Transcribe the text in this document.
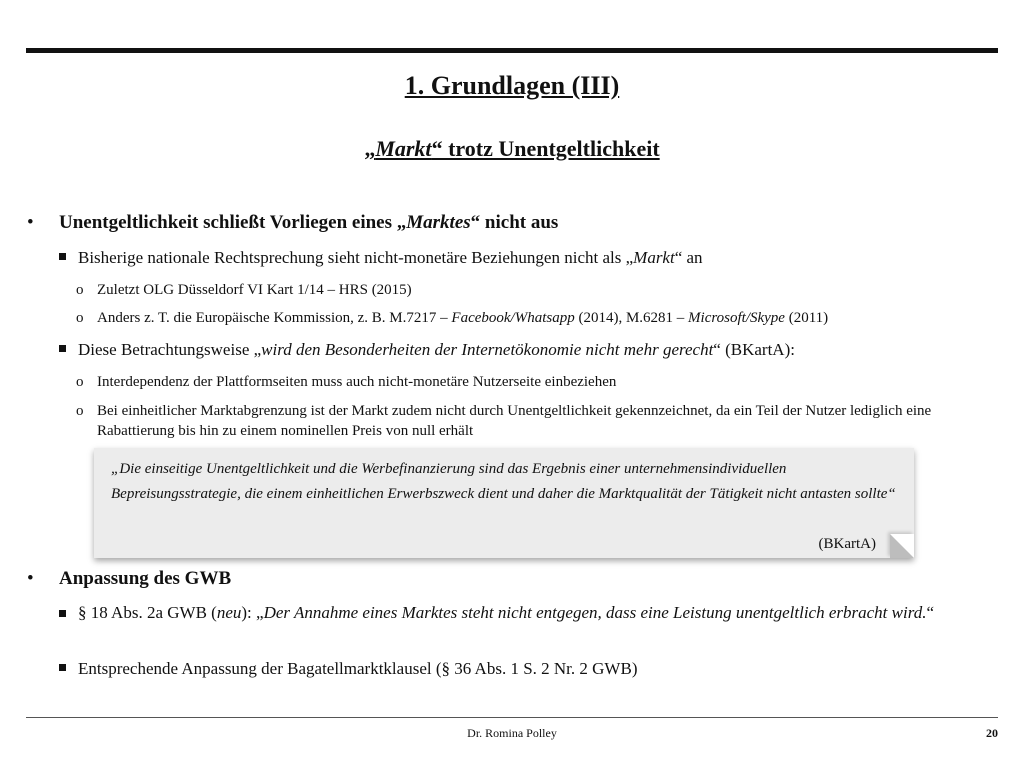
1. Grundlagen (III)
„Markt“ trotz Unentgeltlichkeit
• Unentgeltlichkeit schließt Vorliegen eines „Marktes“ nicht aus
Bisherige nationale Rechtsprechung sieht nicht-monetäre Beziehungen nicht als „Markt“ an
o Zuletzt OLG Düsseldorf VI Kart 1/14 – HRS (2015)
o Anders z. T. die Europäische Kommission, z. B. M.7217 – Facebook/Whatsapp (2014), M.6281 – Microsoft/Skype (2011)
Diese Betrachtungsweise „wird den Besonderheiten der Internetökonomie nicht mehr gerecht“ (BKartA):
o Interdependenz der Plattformseiten muss auch nicht-monetäre Nutzerseite einbeziehen
o Bei einheitlicher Marktabgrenzung ist der Markt zudem nicht durch Unentgeltlichkeit gekennzeichnet, da ein Teil der Nutzer lediglich eine Rabattierung bis hin zu einem nominellen Preis von null erhält
„Die einseitige Unentgeltlichkeit und die Werbefinanzierung sind das Ergebnis einer unternehmensindividuellen Bepreisungsstrategie, die einem einheitlichen Erwerbszweck dient und daher die Marktqualität der Tätigkeit nicht antasten sollte“
(BKartA)
• Anpassung des GWB
§ 18 Abs. 2a GWB (neu): „Der Annahme eines Marktes steht nicht entgegen, dass eine Leistung unentgeltlich erbracht wird.“
Entsprechende Anpassung der Bagatellmarktklausel (§ 36 Abs. 1 S. 2 Nr. 2 GWB)
Dr. Romina Polley	20
